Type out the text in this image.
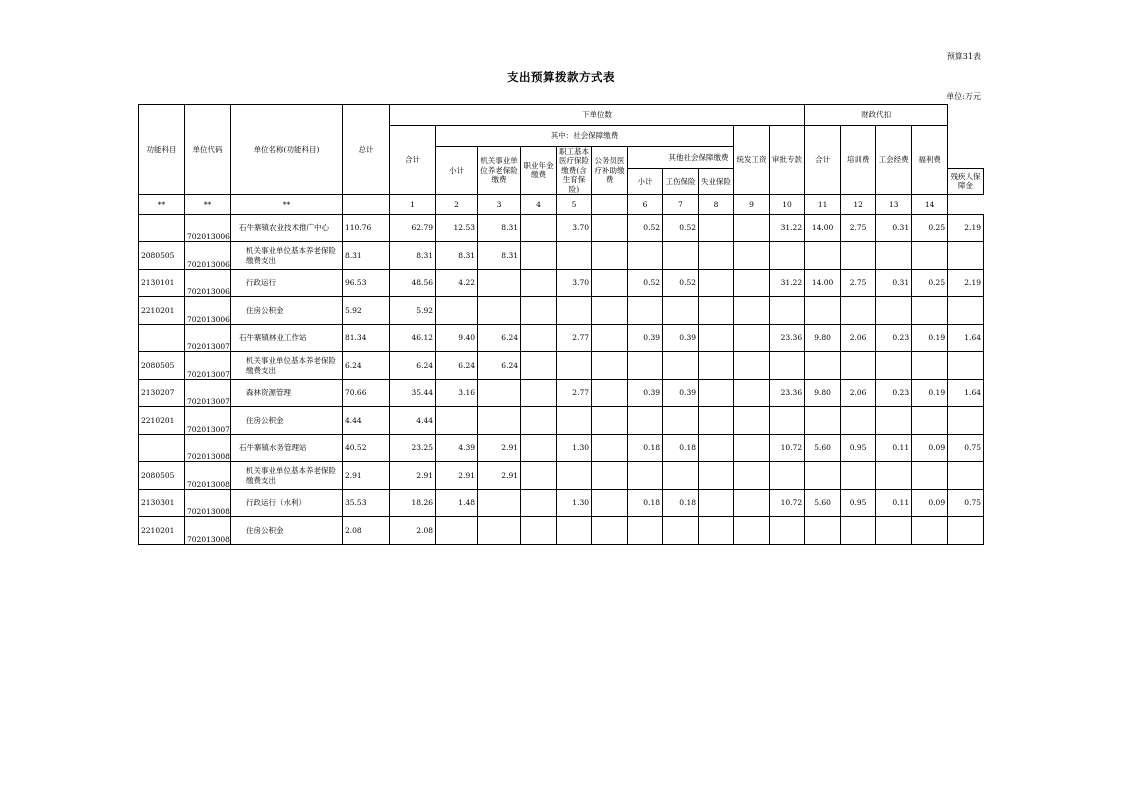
预算31表
支出预算拨款方式表
单位:万元
功能科目	单位代码	单位名称(功能科目)	总计	下单位数											财政代扣				
				合计	其中：社会保障缴费								统发工资	审批专款	合计	培训费	工会经费	福利费	
					小计	机关事业单位养老保险缴费	职业年金缴费	职工基本医疗保险缴费(含生育保险)	公务员医疗补助缴费	其他社会保障缴费									
										小计	工伤保险	失业保险							残疾人保障金
**	**	**		1	2	3	4	5		6	7	8	9	10	11	12	13	14	
	702013006	石牛寨镇农业技术推广中心	110.76	62.79	12.53	8.31		3.70		0.52	0.52			31.22	14.00	2.75	0.31	0.25	2.19
2080505	702013006	机关事业单位基本养老保险缴费支出	8.31	8.31	8.31	8.31													
2130101	702013006	行政运行	96.53	48.56	4.22			3.70		0.52	0.52			31.22	14.00	2.75	0.31	0.25	2.19
2210201	702013006	住房公积金	5.92	5.92															
	702013007	石牛寨镇林业工作站	81.34	46.12	9.40	6.24		2.77		0.39	0.39			23.36	9.80	2.06	0.23	0.19	1.64
2080505	702013007	机关事业单位基本养老保险缴费支出	6.24	6.24	6.24	6.24													
2130207	702013007	森林资源管理	70.66	35.44	3.16			2.77		0.39	0.39			23.36	9.80	2.06	0.23	0.19	1.64
2210201	702013007	住房公积金	4.44	4.44															
	702013008	石牛寨镇水务管理站	40.52	23.25	4.39	2.91		1.30		0.18	0.18			10.72	5.60	0.95	0.11	0.09	0.75
2080505	702013008	机关事业单位基本养老保险缴费支出	2.91	2.91	2.91	2.91													
2130301	702013008	行政运行（水利）	35.53	18.26	1.48			1.30		0.18	0.18			10.72	5.60	0.95	0.11	0.09	0.75
2210201	702013008	住房公积金	2.08	2.08															
